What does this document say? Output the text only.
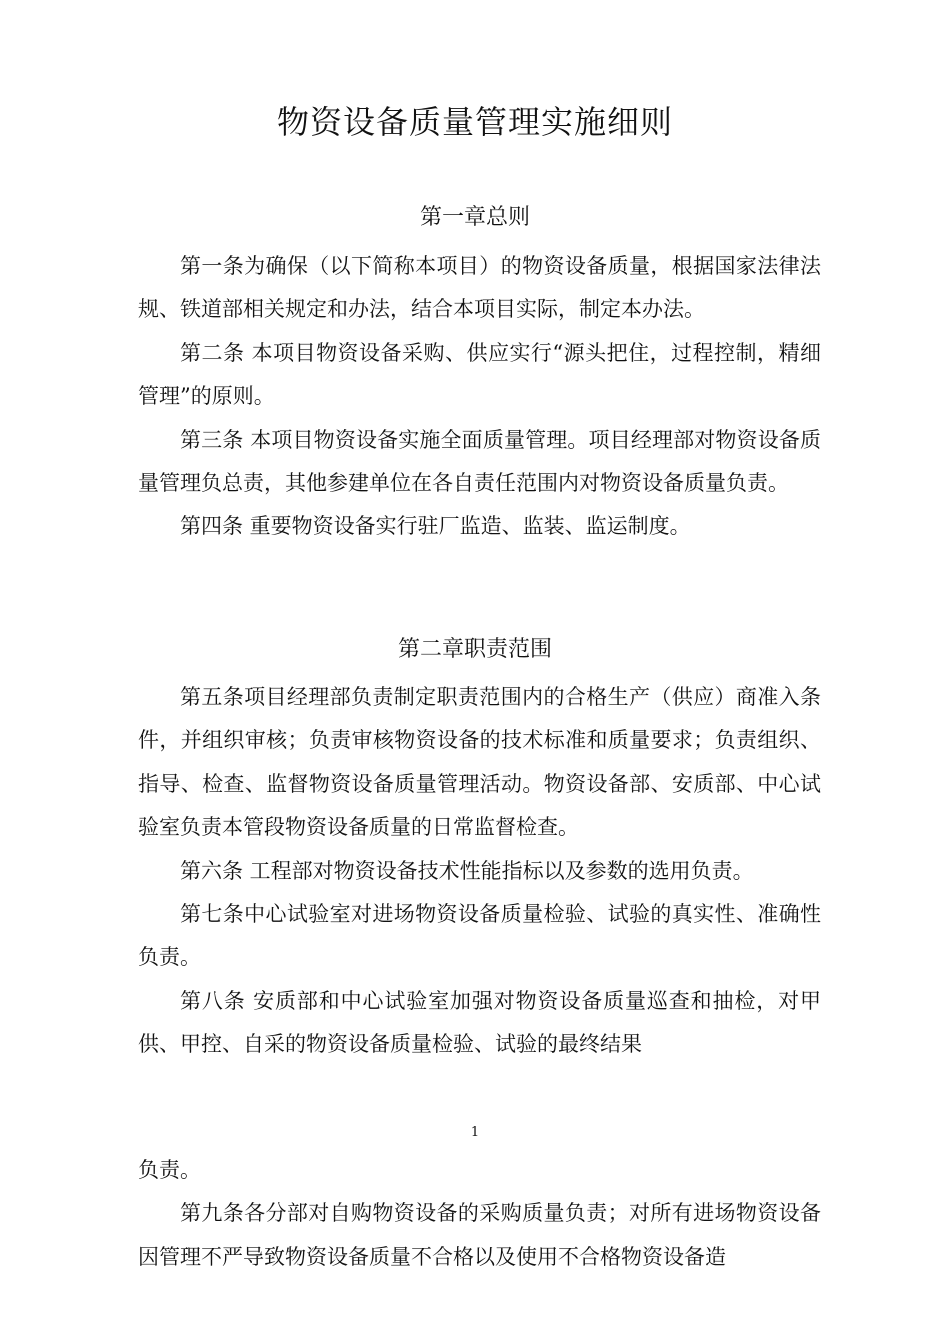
物资设备质量管理实施细则
第一章总则

第一条为确保（以下简称本项目）的物资设备质量，根据国家法律法规、铁道部相关规定和办法，结合本项目实际，制定本办法。

第二条 本项目物资设备采购、供应实行“源头把住，过程控制，精细管理”的原则。

第三条 本项目物资设备实施全面质量管理。项目经理部对物资设备质量管理负总责，其他参建单位在各自责任范围内对物资设备质量负责。

第四条 重要物资设备实行驻厂监造、监装、监运制度。

第二章职责范围

第五条项目经理部负责制定职责范围内的合格生产（供应）商准入条件，并组织审核；负责审核物资设备的技术标准和质量要求；负责组织、指导、检查、监督物资设备质量管理活动。物资设备部、安质部、中心试验室负责本管段物资设备质量的日常监督检查。

第六条 工程部对物资设备技术性能指标以及参数的选用负责。

第七条中心试验室对进场物资设备质量检验、试验的真实性、准确性负责。

第八条 安质部和中心试验室加强对物资设备质量巡查和抽检，对甲供、甲控、自采的物资设备质量检验、试验的最终结果

1

负责。

第九条各分部对自购物资设备的采购质量负责；对所有进场物资设备因管理不严导致物资设备质量不合格以及使用不合格物资设备造
